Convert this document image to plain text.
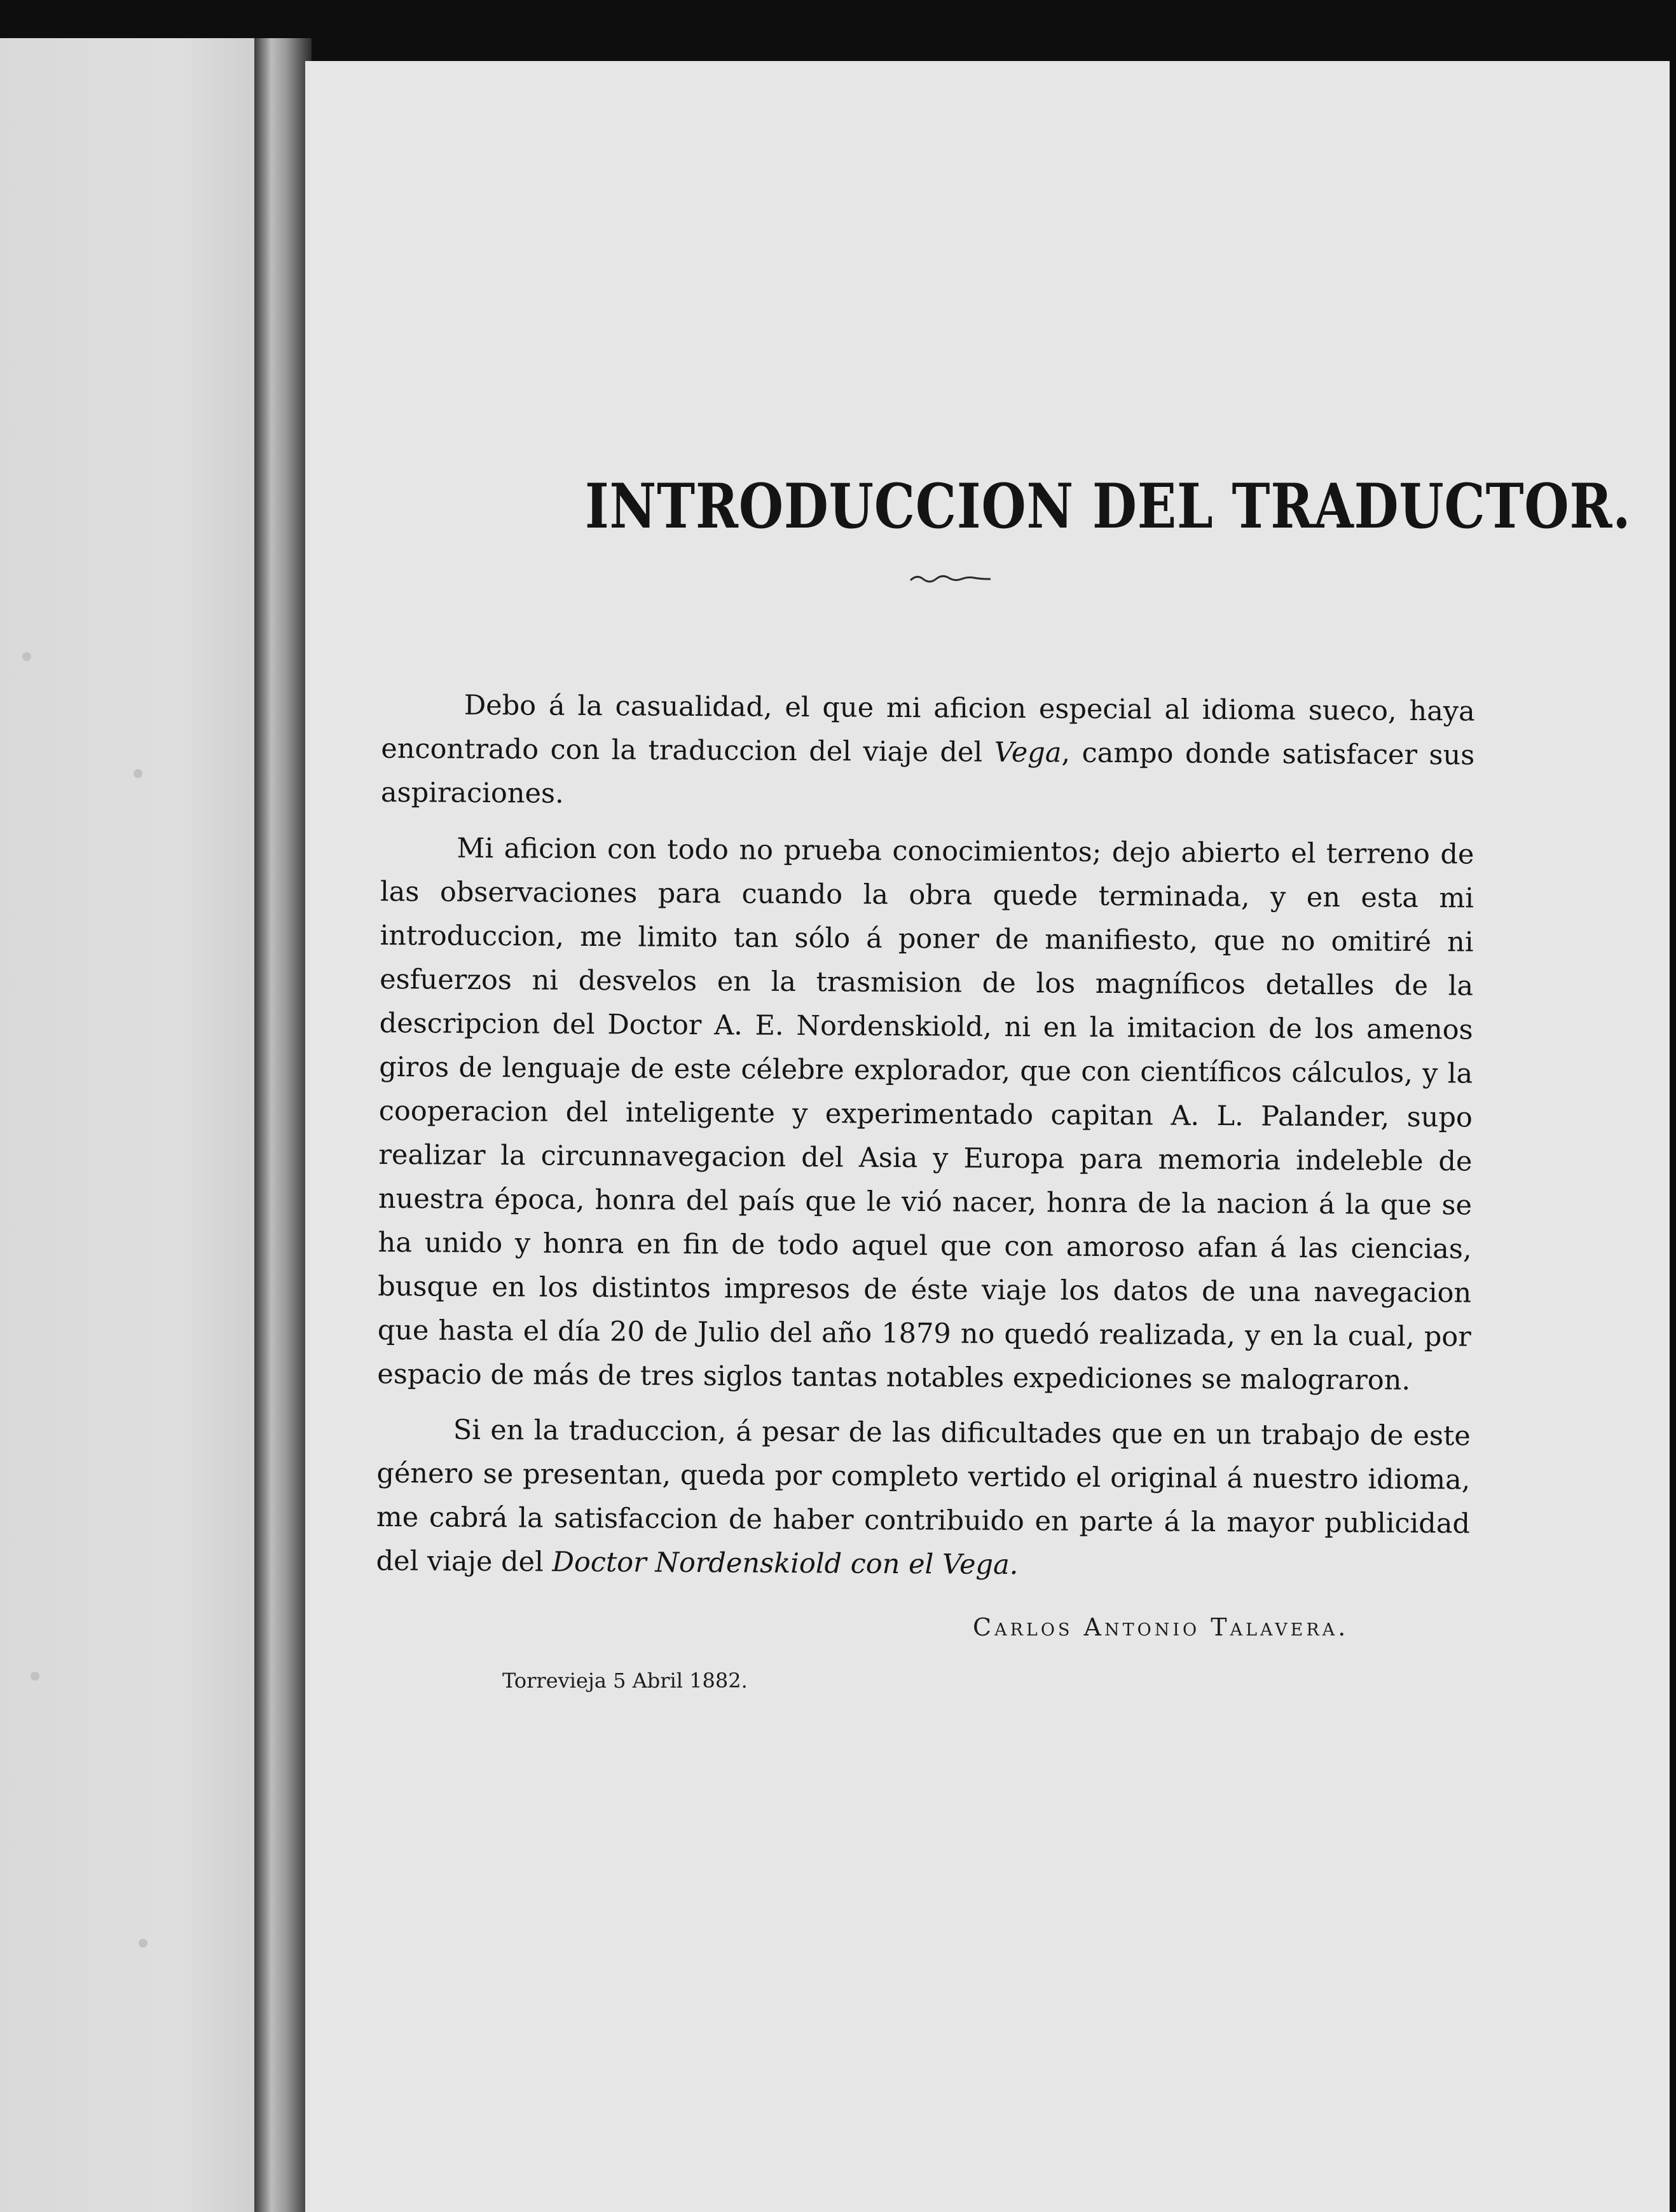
INTRODUCCION DEL TRADUCTOR.

Debo á la casualidad, el que mi aficion especial al idioma sueco, haya encontrado con la traduccion del viaje del Vega, campo donde satisfacer sus aspiraciones.

Mi aficion con todo no prueba conocimientos; dejo abierto el terreno de las observaciones para cuando la obra quede terminada, y en esta mi introduccion, me limito tan sólo á poner de manifiesto, que no omitiré ni esfuerzos ni desvelos en la trasmision de los magníficos detalles de la descripcion del Doctor A. E. Nordenskiold, ni en la imitacion de los amenos giros de lenguaje de este célebre explorador, que con científicos cálculos, y la cooperacion del inteligente y experimentado capitan A. L. Palander, supo realizar la circunnavegacion del Asia y Europa para memoria indeleble de nuestra época, honra del país que le vió nacer, honra de la nacion á la que se ha unido y honra en fin de todo aquel que con amoroso afan á las ciencias, busque en los distintos impresos de éste viaje los datos de una navegacion que hasta el día 20 de Julio del año 1879 no quedó realizada, y en la cual, por espacio de más de tres siglos tantas notables expediciones se malograron.

Si en la traduccion, á pesar de las dificultades que en un trabajo de este género se presentan, queda por completo vertido el original á nuestro idioma, me cabrá la satisfaccion de haber contribuido en parte á la mayor publicidad del viaje del Doctor Nordenskiold con el Vega.

Carlos Antonio Talavera.
Torrevieja 5 Abril 1882.
